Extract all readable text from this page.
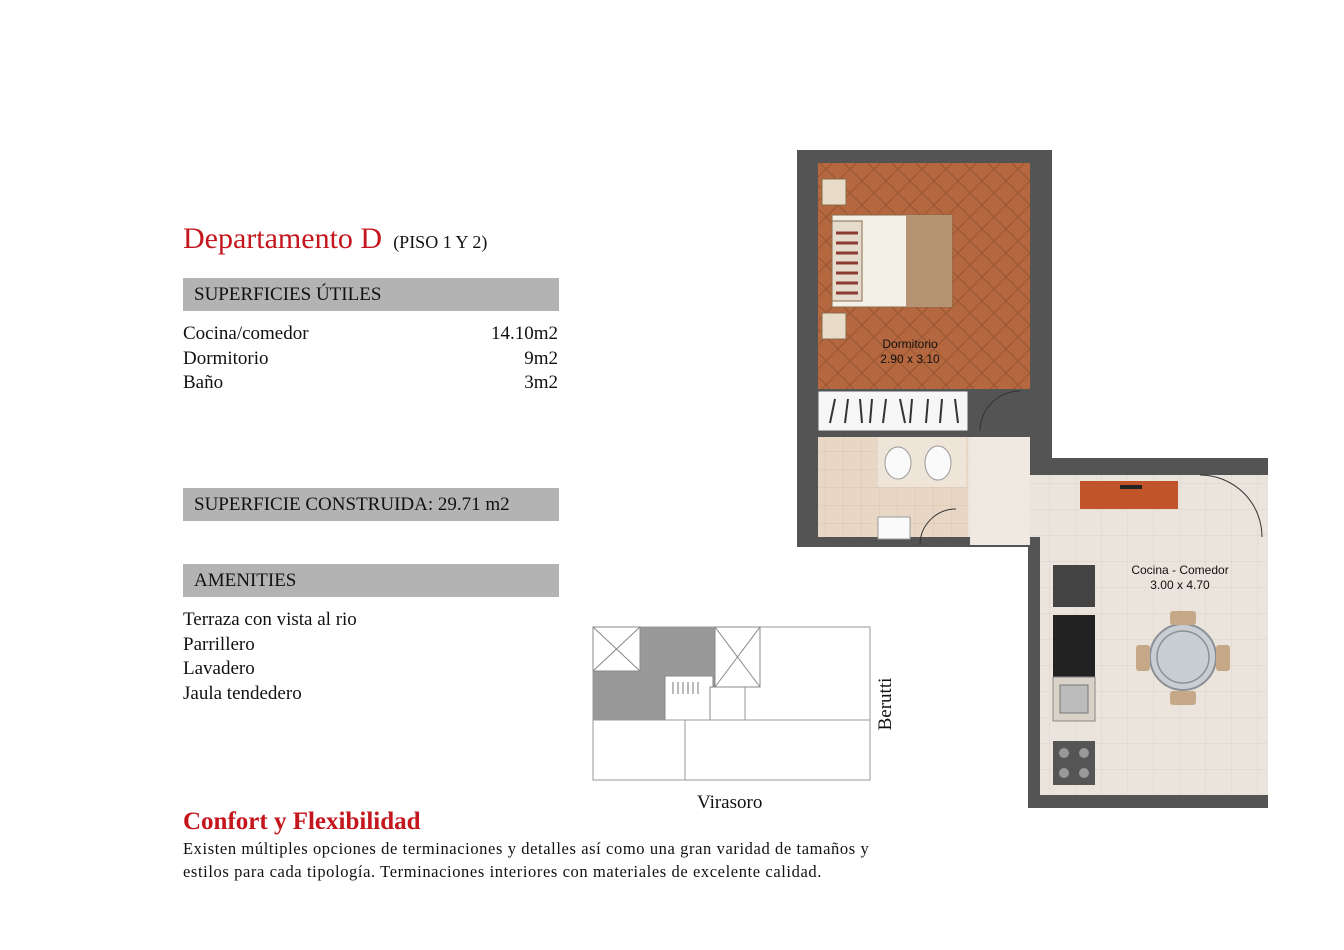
Departamento D (PISO 1 Y 2)
SUPERFICIES ÚTILES
Cocina/comedor	14.10m2
Dormitorio	9m2
Baño	3m2
SUPERFICIE CONSTRUIDA: 29.71 m2
AMENITIES
Terraza con vista al rio
Parrillero
Lavadero
Jaula tendedero
Virasoro
Berutti
Dormitorio
2.90 x 3.10
Cocina - Comedor
3.00 x 4.70
Confort y Flexibilidad
Existen múltiples opciones de terminaciones y detalles así como una gran varidad de tamaños y
estilos para cada tipología. Terminaciones interiores con materiales de excelente calidad.
